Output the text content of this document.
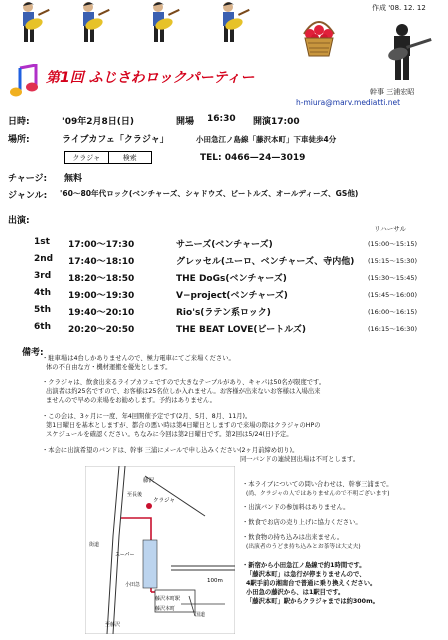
作成 '08. 12. 12
第1回 ふじさわロックパーティー
幹事 三浦宏昭
h-miura@marv.mediatti.net
日時:	'09年2月8日(日)	開場 16:30 開演17:00
場所:	ライブカフェ「クラジャ」	小田急江ノ島線「藤沢本町」下車徒歩4分
クラジャ	検索	TEL: 0466—24—3019
チャージ: 無料
ジャンル: '60〜80年代ロック(ベンチャーズ、シャドウズ、ビートルズ、オールディーズ、GS他)
出演:
リハーサル
1st 17:00〜17:30	サニーズ(ベンチャーズ)	(15:00〜15:15)
2nd 17:40〜18:10	グレッセル(ユーロ、ベンチャーズ、寺内他) (15:15〜15:30)
3rd 18:20〜18:50	THE DoGs(ベンチャーズ)	(15:30〜15:45)
4th 19:00〜19:30	V−project(ベンチャーズ)	(15:45〜16:00)
5th 19:40〜20:10	Rio's(ラテン系ロック)	(16:00〜16:15)
6th 20:20〜20:50	THE BEAT LOVE(ビートルズ)	(16:15〜16:30)
備考:
・駐車場は4台しかありませんので、極力電車にてご来場ください。
体の不自由な方・機材運搬を優先とします。
・クラジャは、飲食出来るライブカフェですので大きなテーブルがあり、キャパは50名が限度です。
出演者は約25名ですので、お客様は25名位しか入れません。お客様が出来ないお客様は入場出来
ませんので早めの来場をお勧めします。予約はありません。
・この会は、3ヶ月に一度、年4回開催予定です(2月、5月、8月、11月)。
第1日曜日を基本としますが、都合の悪い時は第4日曜日としますので来場の際はクラジャのHPの
スケジュールを確認ください。ちなみに今回は第2日曜日です。第2回は5/24(日)予定。
・本会に出演希望のバンドは、幹事 三浦にメールで申し込みください(2ヶ月前締め切り)。
同一バンドの連続回出場は不可とします。
藤沢
クラジャ
至長後
至藤沢
藤沢本町駅
小田急
スーパー
街道
藤沢本町
国道
100m
・本ライブについての問い合わせは、幹事三浦まで。
(尚、クラジャの人ではありませんので不明ございます)
・出演バンドの参加料はありません。
・飲食でお店の売り上げに協力ください。
・飲食物の持ち込みは出来ません。
(出演者のうどま持ち込みとお茶等は大丈夫)
・新宿から小田急江ノ島線で約1時間です。
「藤沢本町」は急行が停まりませんので、
4駅手前の湘南台で普通に乗り換えください。
小田急の藤沢から、は1駅目です。
「藤沢本町」駅からクラジャまでは約300m。
